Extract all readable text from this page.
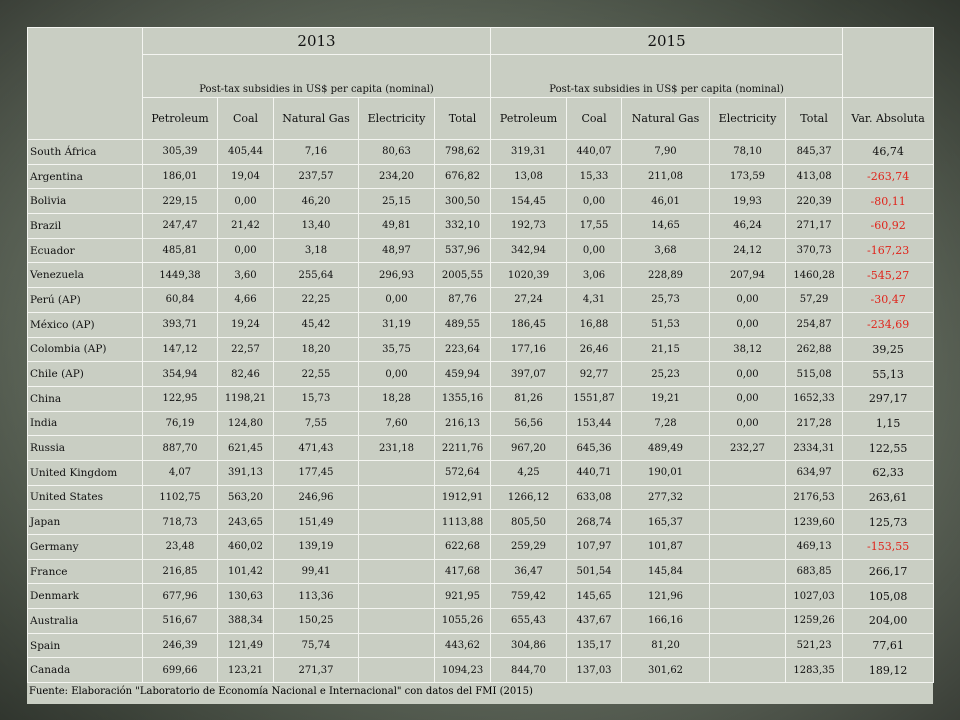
	2013					2015					
	Post-tax subsidies in US$ per capita (nominal)					Post-tax subsidies in US$ per capita (nominal)					
	Petroleum	Coal	Natural Gas	Electricity	Total	Petroleum	Coal	Natural Gas	Electricity	Total	Var. Absoluta
South África	305,39	405,44	7,16	80,63	798,62	319,31	440,07	7,90	78,10	845,37	46,74
Argentina	186,01	19,04	237,57	234,20	676,82	13,08	15,33	211,08	173,59	413,08	-263,74
Bolivia	229,15	0,00	46,20	25,15	300,50	154,45	0,00	46,01	19,93	220,39	-80,11
Brazil	247,47	21,42	13,40	49,81	332,10	192,73	17,55	14,65	46,24	271,17	-60,92
Ecuador	485,81	0,00	3,18	48,97	537,96	342,94	0,00	3,68	24,12	370,73	-167,23
Venezuela	1449,38	3,60	255,64	296,93	2005,55	1020,39	3,06	228,89	207,94	1460,28	-545,27
Perú (AP)	60,84	4,66	22,25	0,00	87,76	27,24	4,31	25,73	0,00	57,29	-30,47
México (AP)	393,71	19,24	45,42	31,19	489,55	186,45	16,88	51,53	0,00	254,87	-234,69
Colombia (AP)	147,12	22,57	18,20	35,75	223,64	177,16	26,46	21,15	38,12	262,88	39,25
Chile (AP)	354,94	82,46	22,55	0,00	459,94	397,07	92,77	25,23	0,00	515,08	55,13
China	122,95	1198,21	15,73	18,28	1355,16	81,26	1551,87	19,21	0,00	1652,33	297,17
India	76,19	124,80	7,55	7,60	216,13	56,56	153,44	7,28	0,00	217,28	1,15
Russia	887,70	621,45	471,43	231,18	2211,76	967,20	645,36	489,49	232,27	2334,31	122,55
United Kingdom	4,07	391,13	177,45		572,64	4,25	440,71	190,01		634,97	62,33
United States	1102,75	563,20	246,96		1912,91	1266,12	633,08	277,32		2176,53	263,61
Japan	718,73	243,65	151,49		1113,88	805,50	268,74	165,37		1239,60	125,73
Germany	23,48	460,02	139,19		622,68	259,29	107,97	101,87		469,13	-153,55
France	216,85	101,42	99,41		417,68	36,47	501,54	145,84		683,85	266,17
Denmark	677,96	130,63	113,36		921,95	759,42	145,65	121,96		1027,03	105,08
Australia	516,67	388,34	150,25		1055,26	655,43	437,67	166,16		1259,26	204,00
Spain	246,39	121,49	75,74		443,62	304,86	135,17	81,20		521,23	77,61
Canada	699,66	123,21	271,37		1094,23	844,70	137,03	301,62		1283,35	189,12
Fuente: Elaboración "Laboratorio de Economía Nacional e Internacional" con datos del FMI (2015)
